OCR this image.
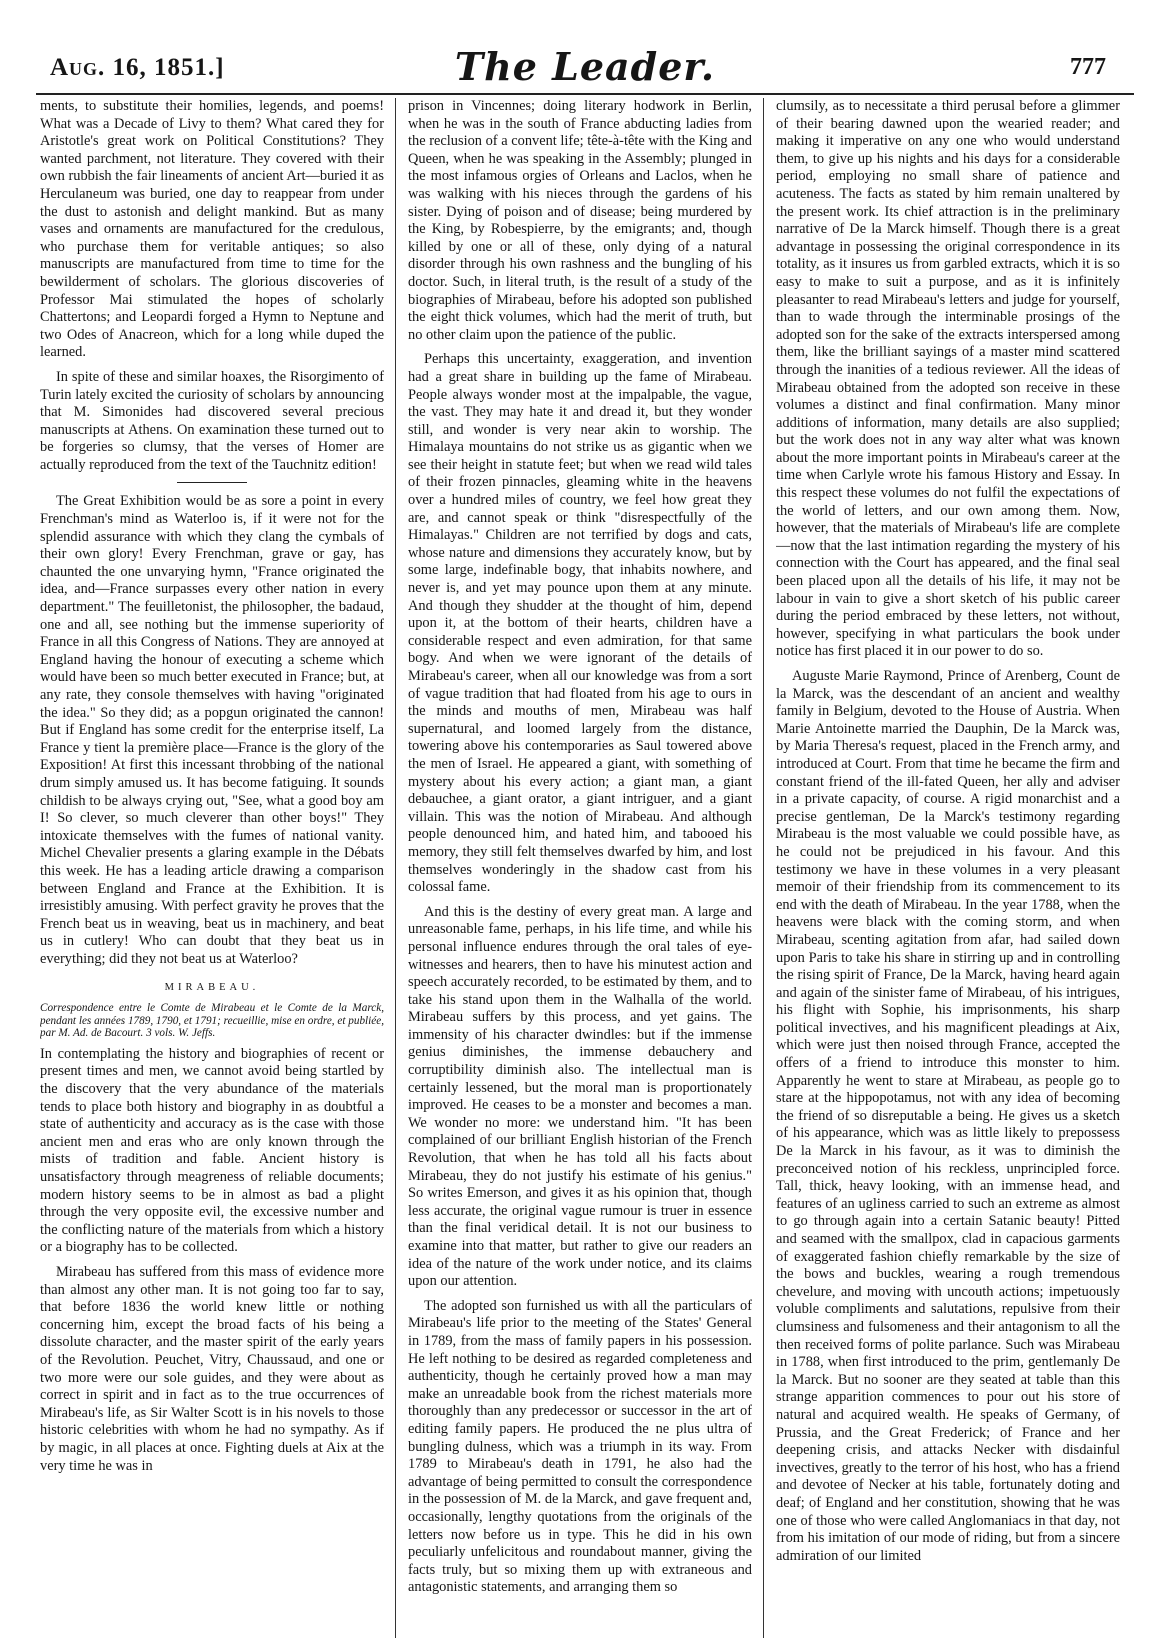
Aug. 16, 1851.]	The Leader.	777

ments, to substitute their homilies, legends, and poems! What was a Decade of Livy to them? What cared they for Aristotle's great work on Political Constitutions? They wanted parchment, not literature. They covered with their own rubbish the fair lineaments of ancient Art—buried it as Herculaneum was buried, one day to reappear from under the dust to astonish and delight mankind. But as many vases and ornaments are manufactured for the credulous, who purchase them for veritable antiques; so also manuscripts are manufactured from time to time for the bewilderment of scholars. The glorious discoveries of Professor Mai stimulated the hopes of scholarly Chattertons; and Leopardi forged a Hymn to Neptune and two Odes of Anacreon, which for a long while duped the learned.

In spite of these and similar hoaxes, the Risorgimento of Turin lately excited the curiosity of scholars by announcing that M. Simonides had discovered several precious manuscripts at Athens. On examination these turned out to be forgeries so clumsy, that the verses of Homer are actually reproduced from the text of the Tauchnitz edition!

The Great Exhibition would be as sore a point in every Frenchman's mind as Waterloo is, if it were not for the splendid assurance with which they clang the cymbals of their own glory! Every Frenchman, grave or gay, has chaunted the one unvarying hymn, "France originated the idea, and—France surpasses every other nation in every department." The feuilletonist, the philosopher, the badaud, one and all, see nothing but the immense superiority of France in all this Congress of Nations. They are annoyed at England having the honour of executing a scheme which would have been so much better executed in France; but, at any rate, they console themselves with having "originated the idea." So they did; as a popgun originated the cannon! But if England has some credit for the enterprise itself, La France y tient la première place—France is the glory of the Exposition! At first this incessant throbbing of the national drum simply amused us. It has become fatiguing. It sounds childish to be always crying out, "See, what a good boy am I! So clever, so much cleverer than other boys!" They intoxicate themselves with the fumes of national vanity. Michel Chevalier presents a glaring example in the Débats this week. He has a leading article drawing a comparison between England and France at the Exhibition. It is irresistibly amusing. With perfect gravity he proves that the French beat us in weaving, beat us in machinery, and beat us in cutlery! Who can doubt that they beat us in everything; did they not beat us at Waterloo?

MIRABEAU.

Correspondence entre le Comte de Mirabeau et le Comte de la Marck, pendant les années 1789, 1790, et 1791; recueillie, mise en ordre, et publiée, par M. Ad. de Bacourt. 3 vols. W. Jeffs.

In contemplating the history and biographies of recent or present times and men, we cannot avoid being startled by the discovery that the very abundance of the materials tends to place both history and biography in as doubtful a state of authenticity and accuracy as is the case with those ancient men and eras who are only known through the mists of tradition and fable. Ancient history is unsatisfactory through meagreness of reliable documents; modern history seems to be in almost as bad a plight through the very opposite evil, the excessive number and the conflicting nature of the materials from which a history or a biography has to be collected.

Mirabeau has suffered from this mass of evidence more than almost any other man. It is not going too far to say, that before 1836 the world knew little or nothing concerning him, except the broad facts of his being a dissolute character, and the master spirit of the early years of the Revolution. Peuchet, Vitry, Chaussaud, and one or two more were our sole guides, and they were about as correct in spirit and in fact as to the true occurrences of Mirabeau's life, as Sir Walter Scott is in his novels to those historic celebrities with whom he had no sympathy. As if by magic, in all places at once. Fighting duels at Aix at the very time he was in

prison in Vincennes; doing literary hodwork in Berlin, when he was in the south of France abducting ladies from the reclusion of a convent life; tête-à-tête with the King and Queen, when he was speaking in the Assembly; plunged in the most infamous orgies of Orleans and Laclos, when he was walking with his nieces through the gardens of his sister. Dying of poison and of disease; being murdered by the King, by Robespierre, by the emigrants; and, though killed by one or all of these, only dying of a natural disorder through his own rashness and the bungling of his doctor. Such, in literal truth, is the result of a study of the biographies of Mirabeau, before his adopted son published the eight thick volumes, which had the merit of truth, but no other claim upon the patience of the public.

Perhaps this uncertainty, exaggeration, and invention had a great share in building up the fame of Mirabeau. People always wonder most at the impalpable, the vague, the vast. They may hate it and dread it, but they wonder still, and wonder is very near akin to worship. The Himalaya mountains do not strike us as gigantic when we see their height in statute feet; but when we read wild tales of their frozen pinnacles, gleaming white in the heavens over a hundred miles of country, we feel how great they are, and cannot speak or think "disrespectfully of the Himalayas." Children are not terrified by dogs and cats, whose nature and dimensions they accurately know, but by some large, indefinable bogy, that inhabits nowhere, and never is, and yet may pounce upon them at any minute. And though they shudder at the thought of him, depend upon it, at the bottom of their hearts, children have a considerable respect and even admiration, for that same bogy. And when we were ignorant of the details of Mirabeau's career, when all our knowledge was from a sort of vague tradition that had floated from his age to ours in the minds and mouths of men, Mirabeau was half supernatural, and loomed largely from the distance, towering above his contemporaries as Saul towered above the men of Israel. He appeared a giant, with something of mystery about his every action; a giant man, a giant debauchee, a giant orator, a giant intriguer, and a giant villain. This was the notion of Mirabeau. And although people denounced him, and hated him, and tabooed his memory, they still felt themselves dwarfed by him, and lost themselves wonderingly in the shadow cast from his colossal fame.

And this is the destiny of every great man. A large and unreasonable fame, perhaps, in his life time, and while his personal influence endures through the oral tales of eye-witnesses and hearers, then to have his minutest action and speech accurately recorded, to be estimated by them, and to take his stand upon them in the Walhalla of the world. Mirabeau suffers by this process, and yet gains. The immensity of his character dwindles: but if the immense genius diminishes, the immense debauchery and corruptibility diminish also. The intellectual man is certainly lessened, but the moral man is proportionately improved. He ceases to be a monster and becomes a man. We wonder no more: we understand him. "It has been complained of our brilliant English historian of the French Revolution, that when he has told all his facts about Mirabeau, they do not justify his estimate of his genius." So writes Emerson, and gives it as his opinion that, though less accurate, the original vague rumour is truer in essence than the final veridical detail. It is not our business to examine into that matter, but rather to give our readers an idea of the nature of the work under notice, and its claims upon our attention.

The adopted son furnished us with all the particulars of Mirabeau's life prior to the meeting of the States' General in 1789, from the mass of family papers in his possession. He left nothing to be desired as regarded completeness and authenticity, though he certainly proved how a man may make an unreadable book from the richest materials more thoroughly than any predecessor or successor in the art of editing family papers. He produced the ne plus ultra of bungling dulness, which was a triumph in its way. From 1789 to Mirabeau's death in 1791, he also had the advantage of being permitted to consult the correspondence in the possession of M. de la Marck, and gave frequent and, occasionally, lengthy quotations from the originals of the letters now before us in type. This he did in his own peculiarly unfelicitous and roundabout manner, giving the facts truly, but so mixing them up with extraneous and antagonistic statements, and arranging them so

clumsily, as to necessitate a third perusal before a glimmer of their bearing dawned upon the wearied reader; and making it imperative on any one who would understand them, to give up his nights and his days for a considerable period, employing no small share of patience and acuteness. The facts as stated by him remain unaltered by the present work. Its chief attraction is in the preliminary narrative of De la Marck himself. Though there is a great advantage in possessing the original correspondence in its totality, as it insures us from garbled extracts, which it is so easy to make to suit a purpose, and as it is infinitely pleasanter to read Mirabeau's letters and judge for yourself, than to wade through the interminable prosings of the adopted son for the sake of the extracts interspersed among them, like the brilliant sayings of a master mind scattered through the inanities of a tedious reviewer. All the ideas of Mirabeau obtained from the adopted son receive in these volumes a distinct and final confirmation. Many minor additions of information, many details are also supplied; but the work does not in any way alter what was known about the more important points in Mirabeau's career at the time when Carlyle wrote his famous History and Essay. In this respect these volumes do not fulfil the expectations of the world of letters, and our own among them. Now, however, that the materials of Mirabeau's life are complete—now that the last intimation regarding the mystery of his connection with the Court has appeared, and the final seal been placed upon all the details of his life, it may not be labour in vain to give a short sketch of his public career during the period embraced by these letters, not without, however, specifying in what particulars the book under notice has first placed it in our power to do so.

Auguste Marie Raymond, Prince of Arenberg, Count de la Marck, was the descendant of an ancient and wealthy family in Belgium, devoted to the House of Austria. When Marie Antoinette married the Dauphin, De la Marck was, by Maria Theresa's request, placed in the French army, and introduced at Court. From that time he became the firm and constant friend of the ill-fated Queen, her ally and adviser in a private capacity, of course. A rigid monarchist and a precise gentleman, De la Marck's testimony regarding Mirabeau is the most valuable we could possible have, as he could not be prejudiced in his favour. And this testimony we have in these volumes in a very pleasant memoir of their friendship from its commencement to its end with the death of Mirabeau. In the year 1788, when the heavens were black with the coming storm, and when Mirabeau, scenting agitation from afar, had sailed down upon Paris to take his share in stirring up and in controlling the rising spirit of France, De la Marck, having heard again and again of the sinister fame of Mirabeau, of his intrigues, his flight with Sophie, his imprisonments, his sharp political invectives, and his magnificent pleadings at Aix, which were just then noised through France, accepted the offers of a friend to introduce this monster to him. Apparently he went to stare at Mirabeau, as people go to stare at the hippopotamus, not with any idea of becoming the friend of so disreputable a being. He gives us a sketch of his appearance, which was as little likely to prepossess De la Marck in his favour, as it was to diminish the preconceived notion of his reckless, unprincipled force. Tall, thick, heavy looking, with an immense head, and features of an ugliness carried to such an extreme as almost to go through again into a certain Satanic beauty! Pitted and seamed with the smallpox, clad in capacious garments of exaggerated fashion chiefly remarkable by the size of the bows and buckles, wearing a rough tremendous chevelure, and moving with uncouth actions; impetuously voluble compliments and salutations, repulsive from their clumsiness and fulsomeness and their antagonism to all the then received forms of polite parlance. Such was Mirabeau in 1788, when first introduced to the prim, gentlemanly De la Marck. But no sooner are they seated at table than this strange apparition commences to pour out his store of natural and acquired wealth. He speaks of Germany, of Prussia, and the Great Frederick; of France and her deepening crisis, and attacks Necker with disdainful invectives, greatly to the terror of his host, who has a friend and devotee of Necker at his table, fortunately doting and deaf; of England and her constitution, showing that he was one of those who were called Anglomaniacs in that day, not from his imitation of our mode of riding, but from a sincere admiration of our limited
